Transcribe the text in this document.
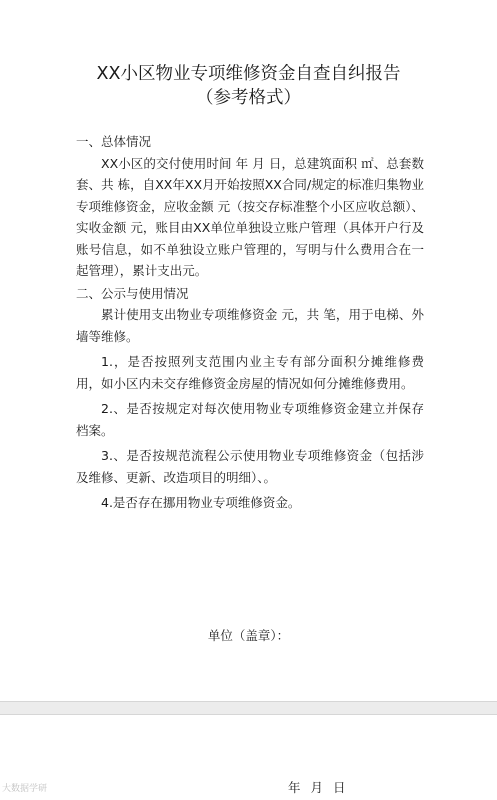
XX小区物业专项维修资金自查自纠报告
（参考格式）

一、总体情况

XX小区的交付使用时间 年 月 日，总建筑面积 ㎡、总套数 套、共 栋，自XX年XX月开始按照XX合同/规定的标准归集物业专项维修资金，应收金额 元（按交存标准整个小区应收总额）、实收金额 元，账目由XX单位单独设立账户管理（具体开户行及账号信息，如不单独设立账户管理的，写明与什么费用合在一起管理），累计支出元。

二、公示与使用情况

累计使用支出物业专项维修资金 元，共 笔，用于电梯、外墙等维修。

1.，是否按照列支范围内业主专有部分面积分摊维修费用，如小区内未交存维修资金房屋的情况如何分摊维修费用。

2.、是否按规定对每次使用物业专项维修资金建立并保存档案。

3.、是否按规范流程公示使用物业专项维修资金（包括涉及维修、更新、改造项目的明细）、。

4.是否存在挪用物业专项维修资金。

单位（盖章）：
大数据学研	年 月 日
